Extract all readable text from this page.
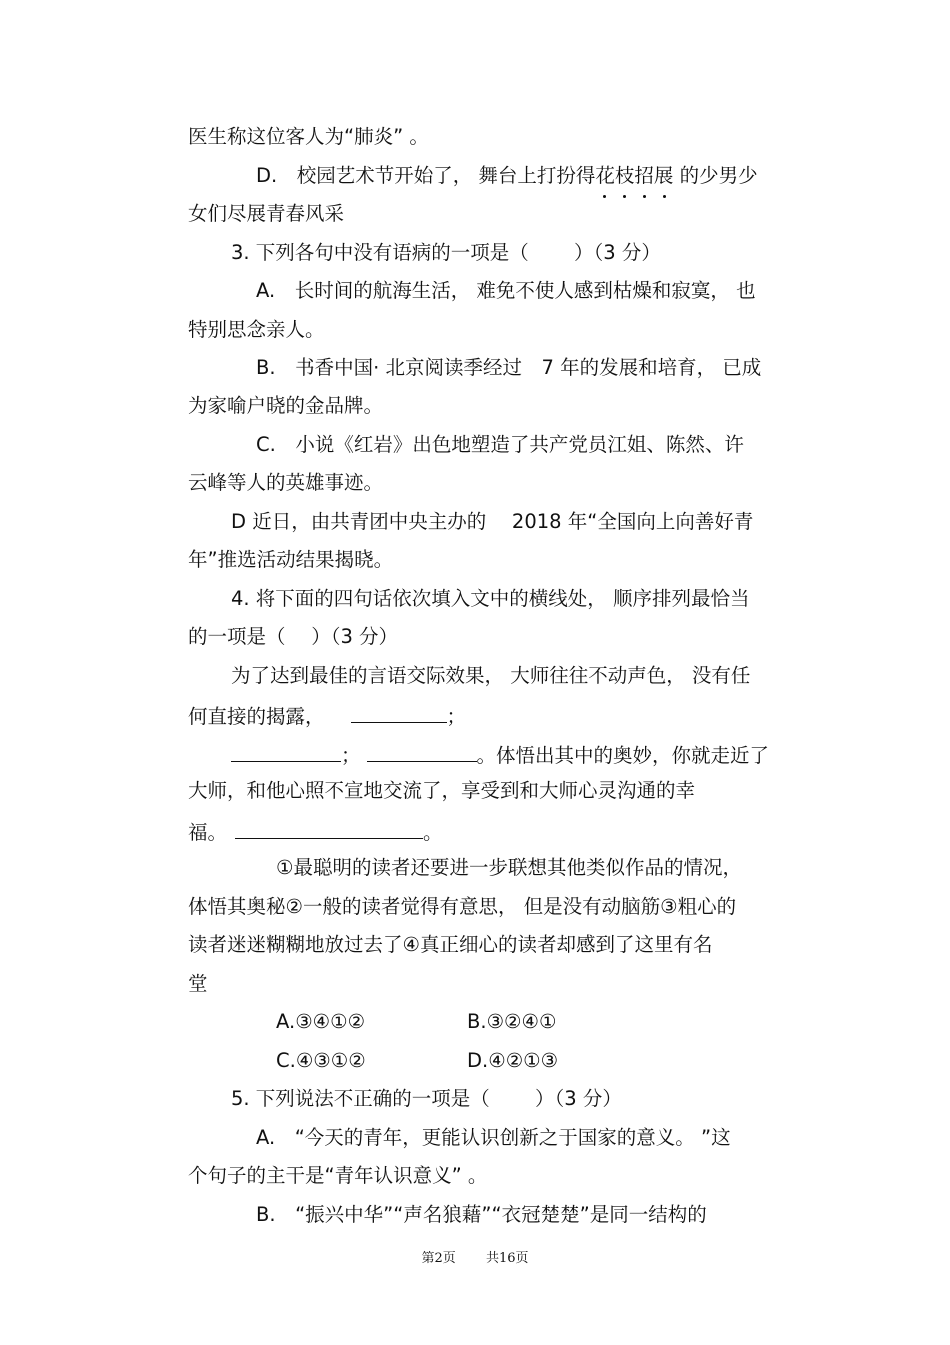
医生称这位客人为“肺炎” 。
D.　校园艺术节开始了， 舞台上打扮得花枝招展
的少男少
女们尽展青春风采
3. 下列各句中没有语病的一项是（　　 ）（3 分）
A.　长时间的航海生活， 难免不使人感到枯燥和寂寞， 也
特别思念亲人。
B.　书香中国· 北京阅读季经过　7 年的发展和培育， 已成
为家喻户晓的金品牌。
C.　小说《红岩》出色地塑造了共产党员江姐、陈然、许
云峰等人的英雄事迹。
D 近日，由共青团中央主办的　 2018 年“全国向上向善好青
年”推选活动结果揭晓。
4. 将下面的四句话依次填入文中的横线处， 顺序排列最恰当
的一项是（　 ）（3 分）
为了达到最佳的言语交际效果， 大师往往不动声色， 没有任
何直接的揭露，	；
；	。体悟出其中的奥妙，你就走近了
大师，和他心照不宣地交流了，享受到和大师心灵沟通的幸
福。	。
①最聪明的读者还要进一步联想其他类似作品的情况，
体悟其奥秘②一般的读者觉得有意思， 但是没有动脑筋③粗心的
读者迷迷糊糊地放过去了④真正细心的读者却感到了这里有名
堂
A.③④①②	B.③②④①
C.④③①②	D.④②①③
5. 下列说法不正确的一项是（　　 ）（3 分）
A.　“今天的青年，更能认识创新之于国家的意义。 ”这
个句子的主干是“青年认识意义” 。
B.　“振兴中华”“声名狼藉”“衣冠楚楚”是同一结构的
第2页 共16页
